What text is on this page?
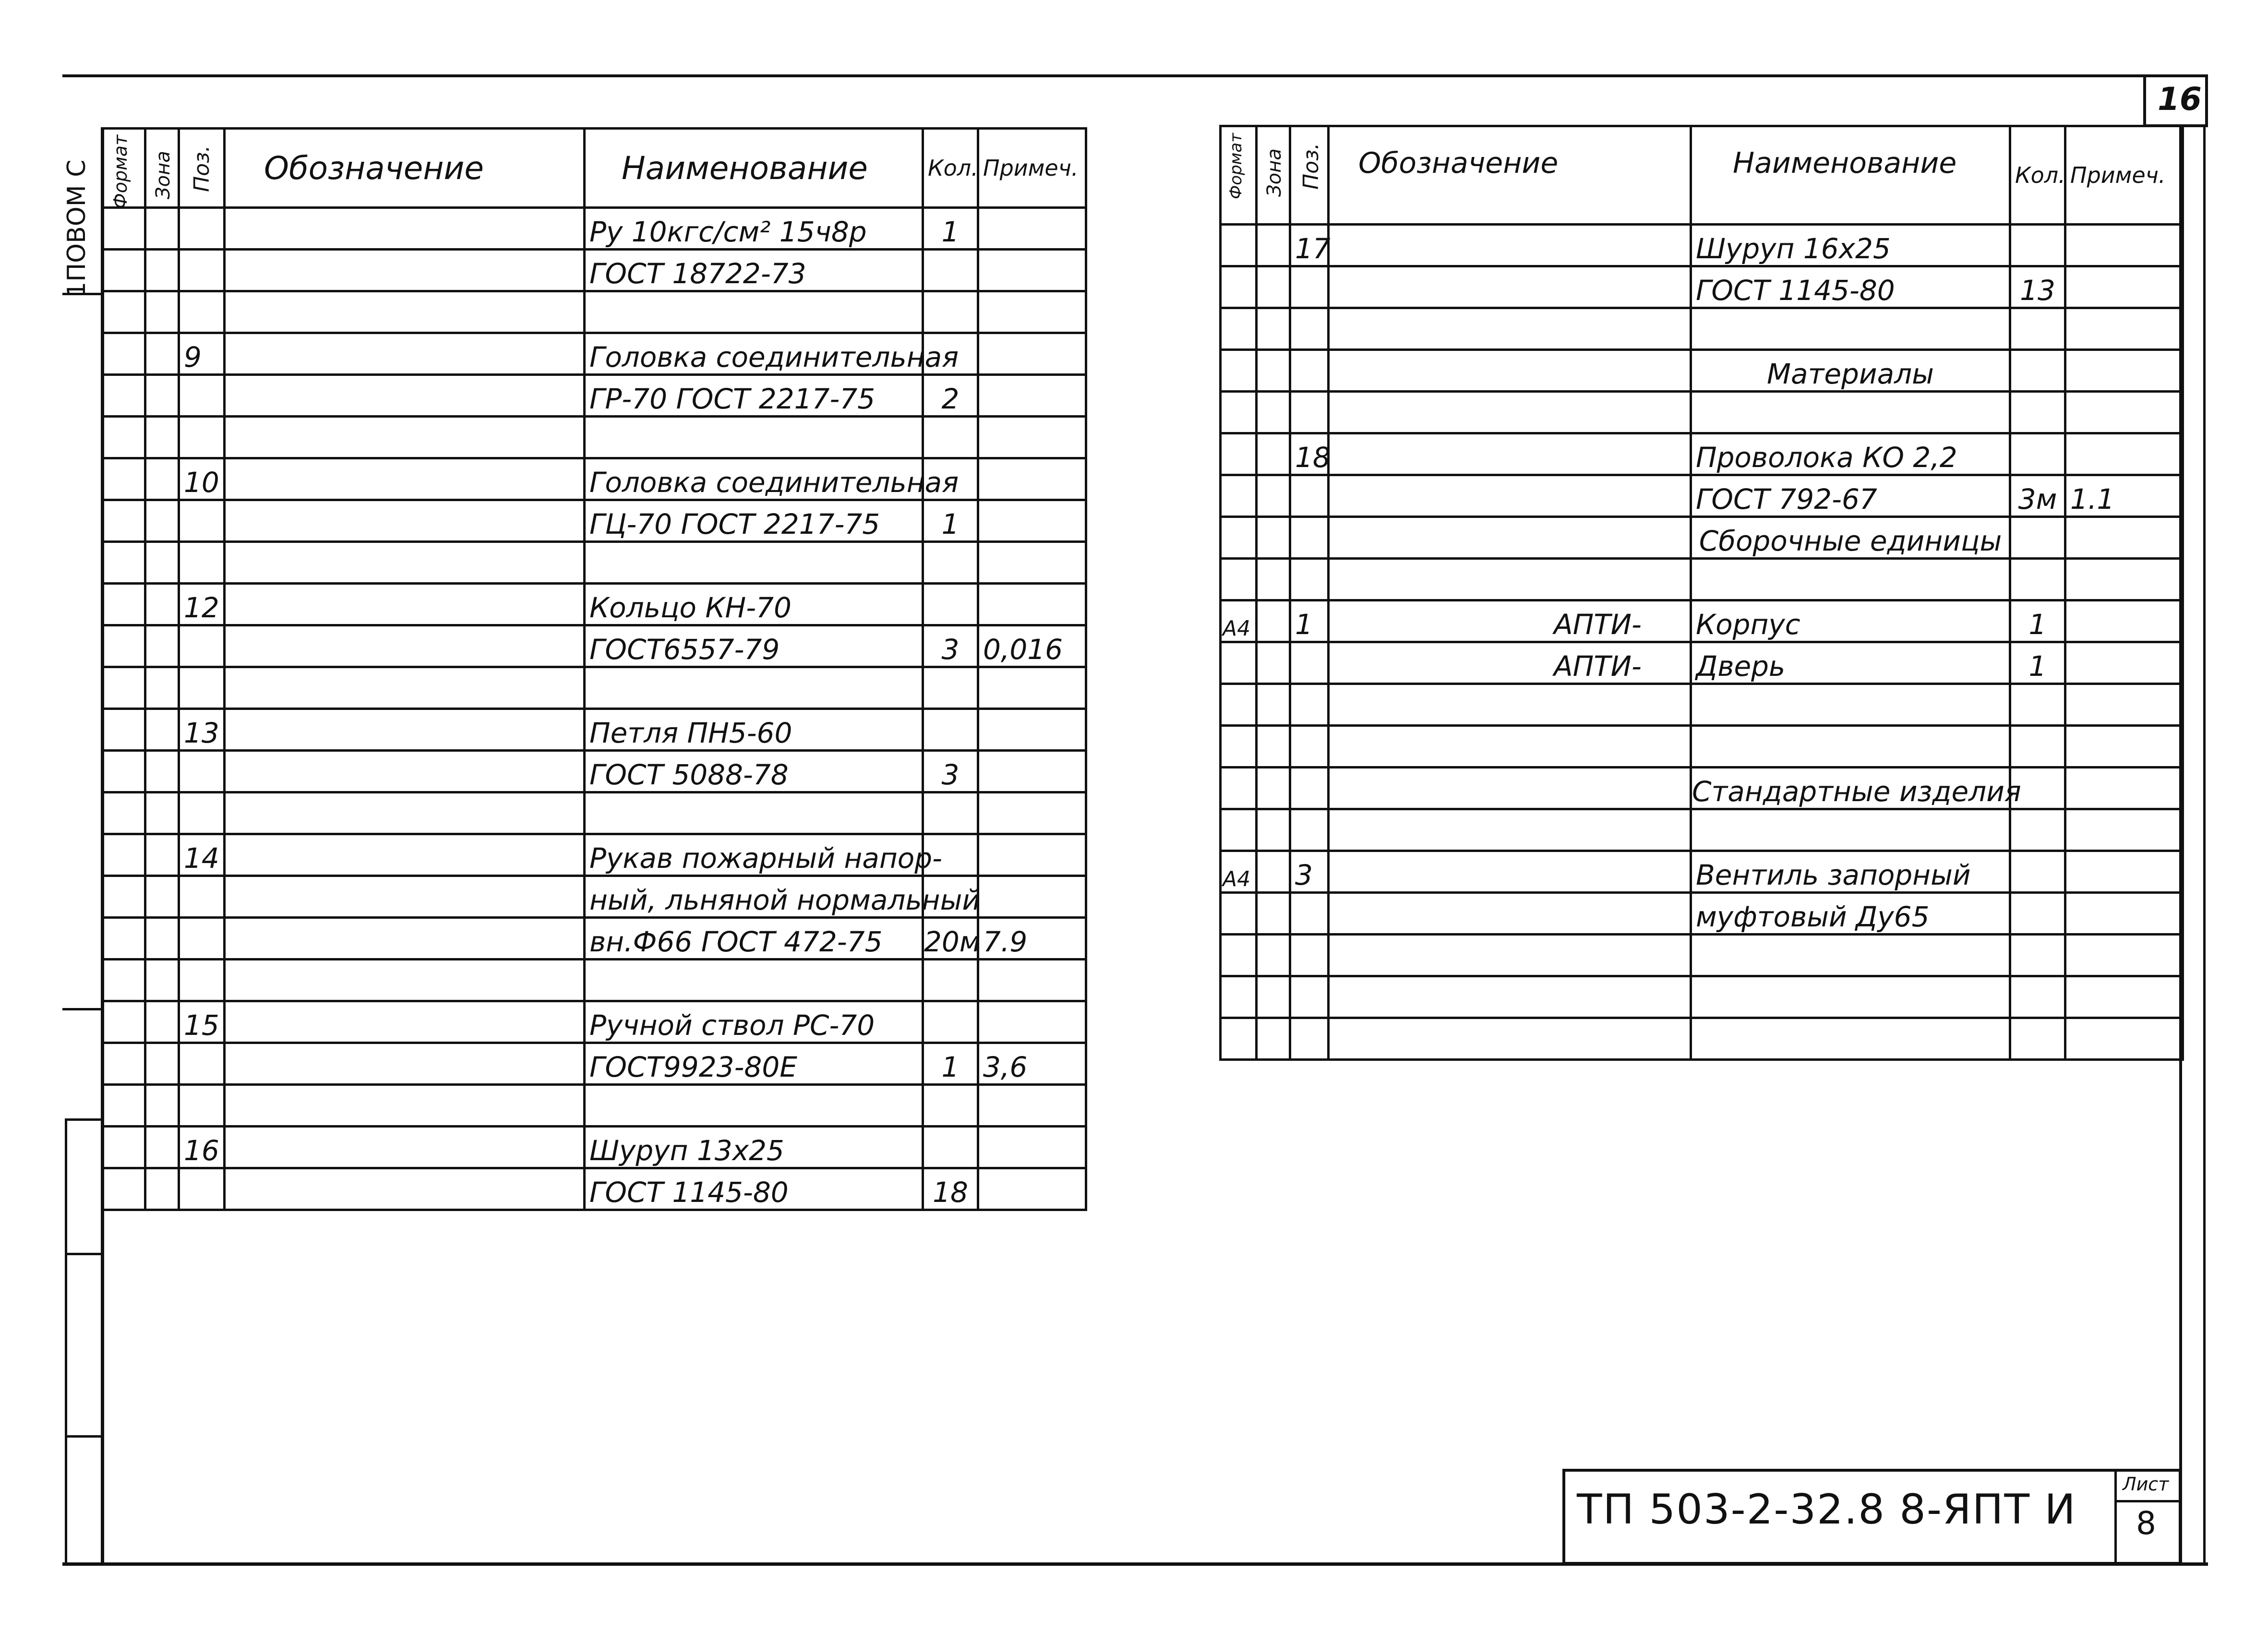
1ПОВОМ С
16
Формат	Зона	Поз.	Обозначение	Наименование	Кол.	Примеч.
				Ру 10кгс/см² 15ч8р	1	
				ГОСТ 18722-73		

		9		Головка соединительная		
				ГР-70 ГОСТ 2217-75	2	

		10		Головка соединительная		
				ГЦ-70 ГОСТ 2217-75	1	

		12		Кольцо КН-70		
				ГОСТ6557-79	3	0,016

		13		Петля ПН5-60		
				ГОСТ 5088-78	3	

		14		Рукав пожарный напор-		
				ный, льняной нормальный		
				вн.Ф66 ГОСТ 472-75	20м	7.9

		15		Ручной ствол РС-70		
				ГОСТ9923-80Е	1	3,6

		16		Шуруп 13х25		
				ГОСТ 1145-80	18	
Формат	Зона	Поз.	Обозначение	Наименование	Кол.	Примеч.
		17		Шуруп 16х25		
				ГОСТ 1145-80	13	

				Материалы		

		18		Проволока КО 2,2		
				ГОСТ 792-67	3м	1.1
				Сборочные единицы		

А4		1	АПТИ-	Корпус	1	
			АПТИ-	Дверь	1	

				Стандартные изделия		

А4		3		Вентиль запорный		
				муфтовый Ду65		

ТП 503-2-32.8 8-ЯПТ И
Лист
8
